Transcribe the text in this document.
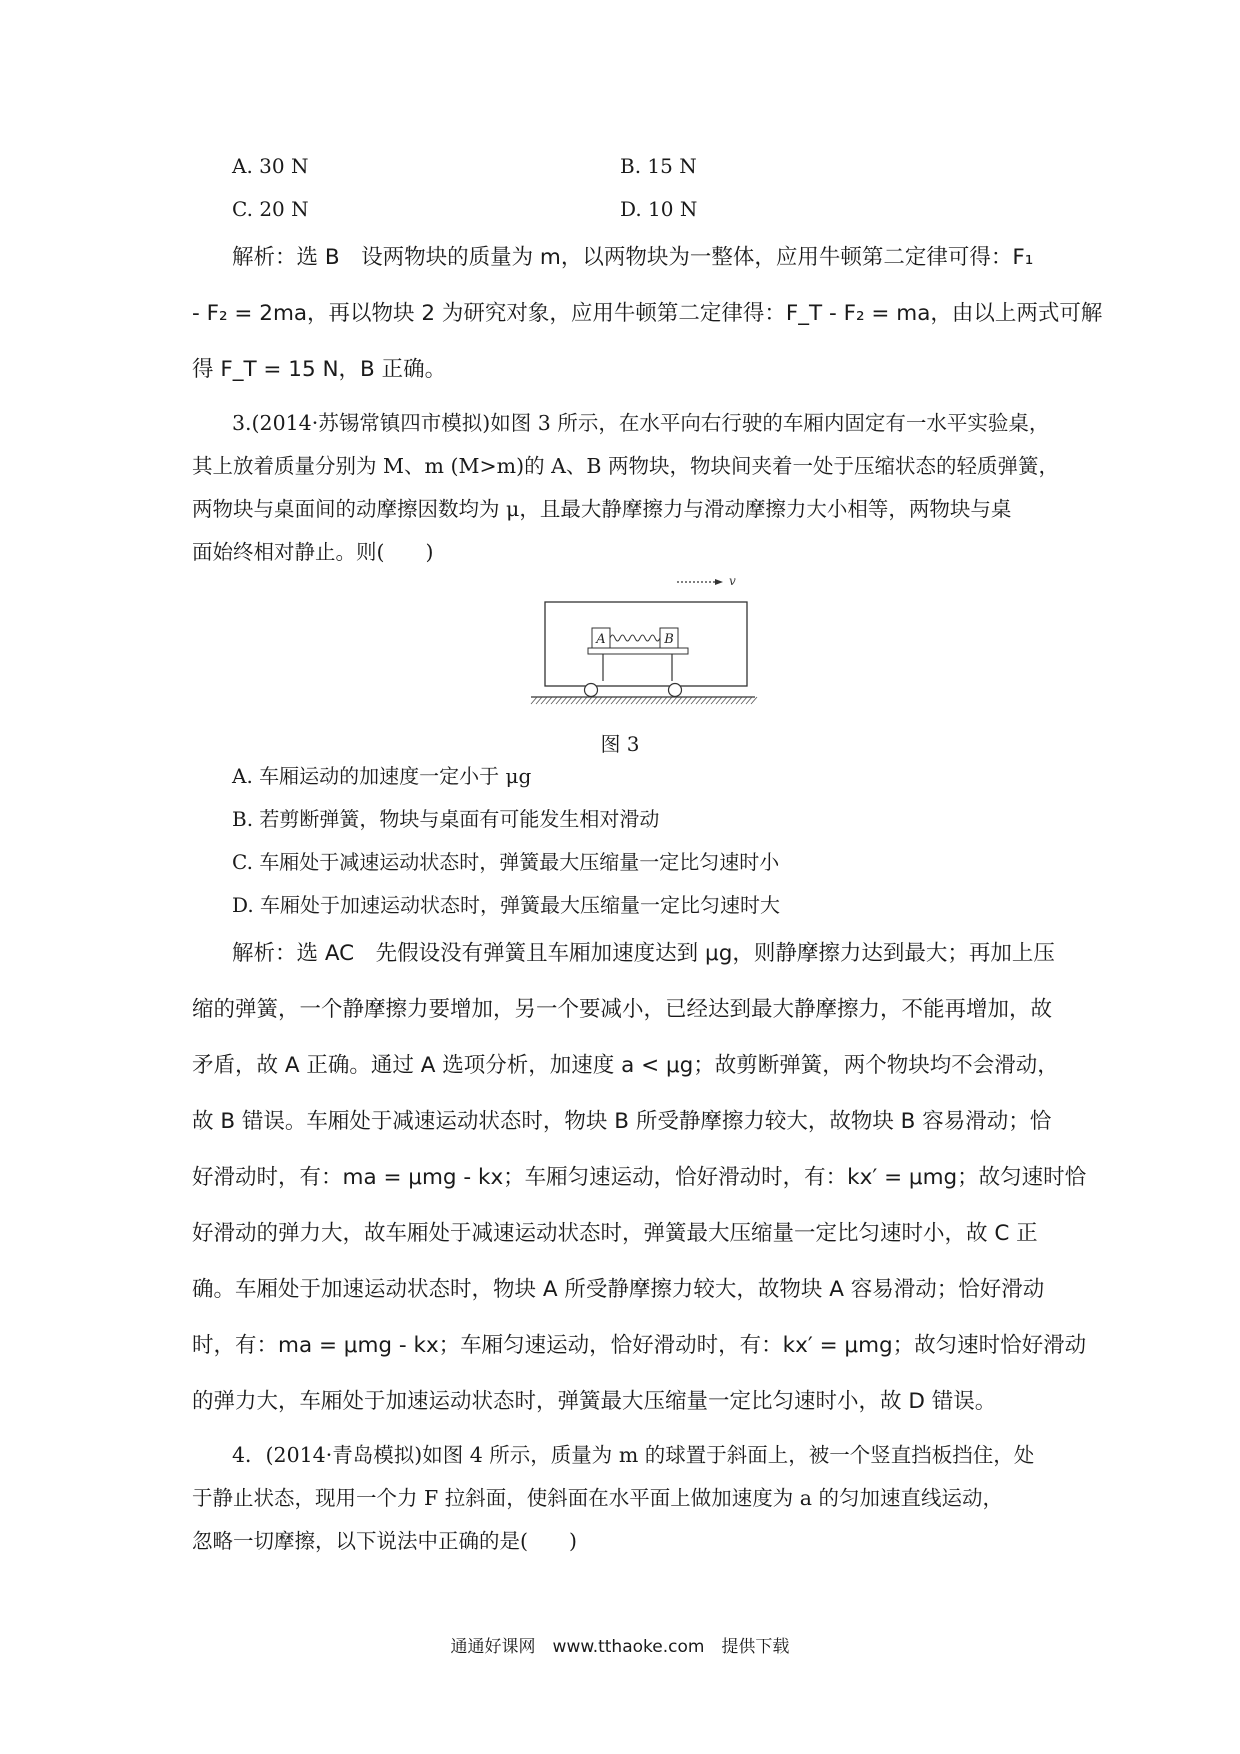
A. 30 N	B. 15 N
C. 20 N	D. 10 N
解析：选 B　设两物块的质量为 m，以两物块为一整体，应用牛顿第二定律可得：F₁
- F₂ = 2ma，再以物块 2 为研究对象，应用牛顿第二定律得：F_T - F₂ = ma，由以上两式可解
得 F_T = 15 N，B 正确。
3.(2014·苏锡常镇四市模拟)如图 3 所示，在水平向右行驶的车厢内固定有一水平实验桌，
其上放着质量分别为 M、m (M>m)的 A、B 两物块，物块间夹着一处于压缩状态的轻质弹簧，
两物块与桌面间的动摩擦因数均为 μ，且最大静摩擦力与滑动摩擦力大小相等，两物块与桌
面始终相对静止。则(　　)
v
A	B
图 3
A. 车厢运动的加速度一定小于 μg
B. 若剪断弹簧，物块与桌面有可能发生相对滑动
C. 车厢处于减速运动状态时，弹簧最大压缩量一定比匀速时小
D. 车厢处于加速运动状态时，弹簧最大压缩量一定比匀速时大
解析：选 AC　先假设没有弹簧且车厢加速度达到 μg，则静摩擦力达到最大；再加上压
缩的弹簧，一个静摩擦力要增加，另一个要减小，已经达到最大静摩擦力，不能再增加，故
矛盾，故 A 正确。通过 A 选项分析，加速度 a < μg；故剪断弹簧，两个物块均不会滑动，
故 B 错误。车厢处于减速运动状态时，物块 B 所受静摩擦力较大，故物块 B 容易滑动；恰
好滑动时，有：ma = μmg - kx；车厢匀速运动，恰好滑动时，有：kx′ = μmg；故匀速时恰
好滑动的弹力大，故车厢处于减速运动状态时，弹簧最大压缩量一定比匀速时小，故 C 正
确。车厢处于加速运动状态时，物块 A 所受静摩擦力较大，故物块 A 容易滑动；恰好滑动
时，有：ma = μmg - kx；车厢匀速运动，恰好滑动时，有：kx′ = μmg；故匀速时恰好滑动
的弹力大，车厢处于加速运动状态时，弹簧最大压缩量一定比匀速时小，故 D 错误。
4．(2014·青岛模拟)如图 4 所示，质量为 m 的球置于斜面上，被一个竖直挡板挡住，处
于静止状态，现用一个力 F 拉斜面，使斜面在水平面上做加速度为 a 的匀加速直线运动，
忽略一切摩擦，以下说法中正确的是(　　)
通通好课网　www.tthaoke.com　提供下载
